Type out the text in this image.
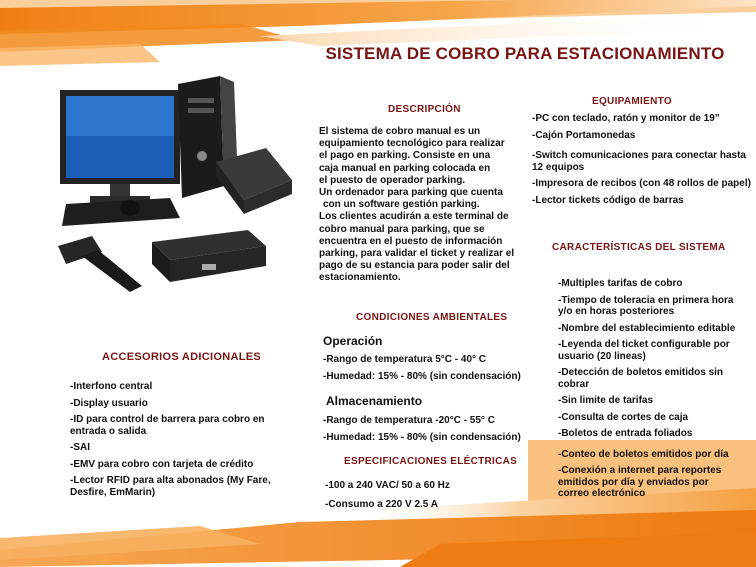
SISTEMA DE COBRO PARA ESTACIONAMIENTO
DESCRIPCIÓN
El sistema de cobro manual es un
equipamiento tecnológico para realizar
el pago en parking. Consiste en una
caja manual en parking colocada en
el puesto de operador parking.
Un ordenador para parking que cuenta
con un software gestión parking.
Los clientes acudirán a este terminal de
cobro manual para parking, que se
encuentra en el puesto de información
parking, para validar el ticket y realizar el
pago de su estancia para poder salir del
estacionamiento.
EQUIPAMIENTO
-PC con teclado, ratón y monitor de 19”
-Cajón Portamonedas
-Switch comunicaciones para conectar hasta
12 equipos
-Impresora de recibos (con 48 rollos de papel)
-Lector tickets código de barras
CARACTERÍSTICAS DEL SISTEMA
-Multiples tarifas de cobro
-Tiempo de toleracia en primera hora
y/o en horas posteriores
-Nombre del establecimiento editable
-Leyenda del ticket configurable por
usuario (20 lineas)
-Detección de boletos emitidos sin
cobrar
-Sin limite de tarifas
-Consulta de cortes de caja
-Boletos de entrada foliados
-Conteo de boletos emitidos por día
-Conexión a internet para reportes
emitidos por día y enviados por
correo electrónico
CONDICIONES AMBIENTALES
Operación
-Rango de temperatura 5°C - 40° C
-Humedad: 15% - 80% (sin condensación)
Almacenamiento
-Rango de temperatura -20°C - 55° C
-Humedad: 15% - 80% (sin condensación)
ESPECIFICACIONES ELÉCTRICAS
-100 a 240 VAC/ 50 a 60 Hz
-Consumo a 220 V 2.5 A
ACCESORIOS ADICIONALES
-Interfono central
-Display usuario
-ID para control de barrera para cobro en
entrada o salida
-SAI
-EMV para cobro con tarjeta de crédito
-Lector RFID para alta abonados (My Fare,
Desfire, EmMarin)
